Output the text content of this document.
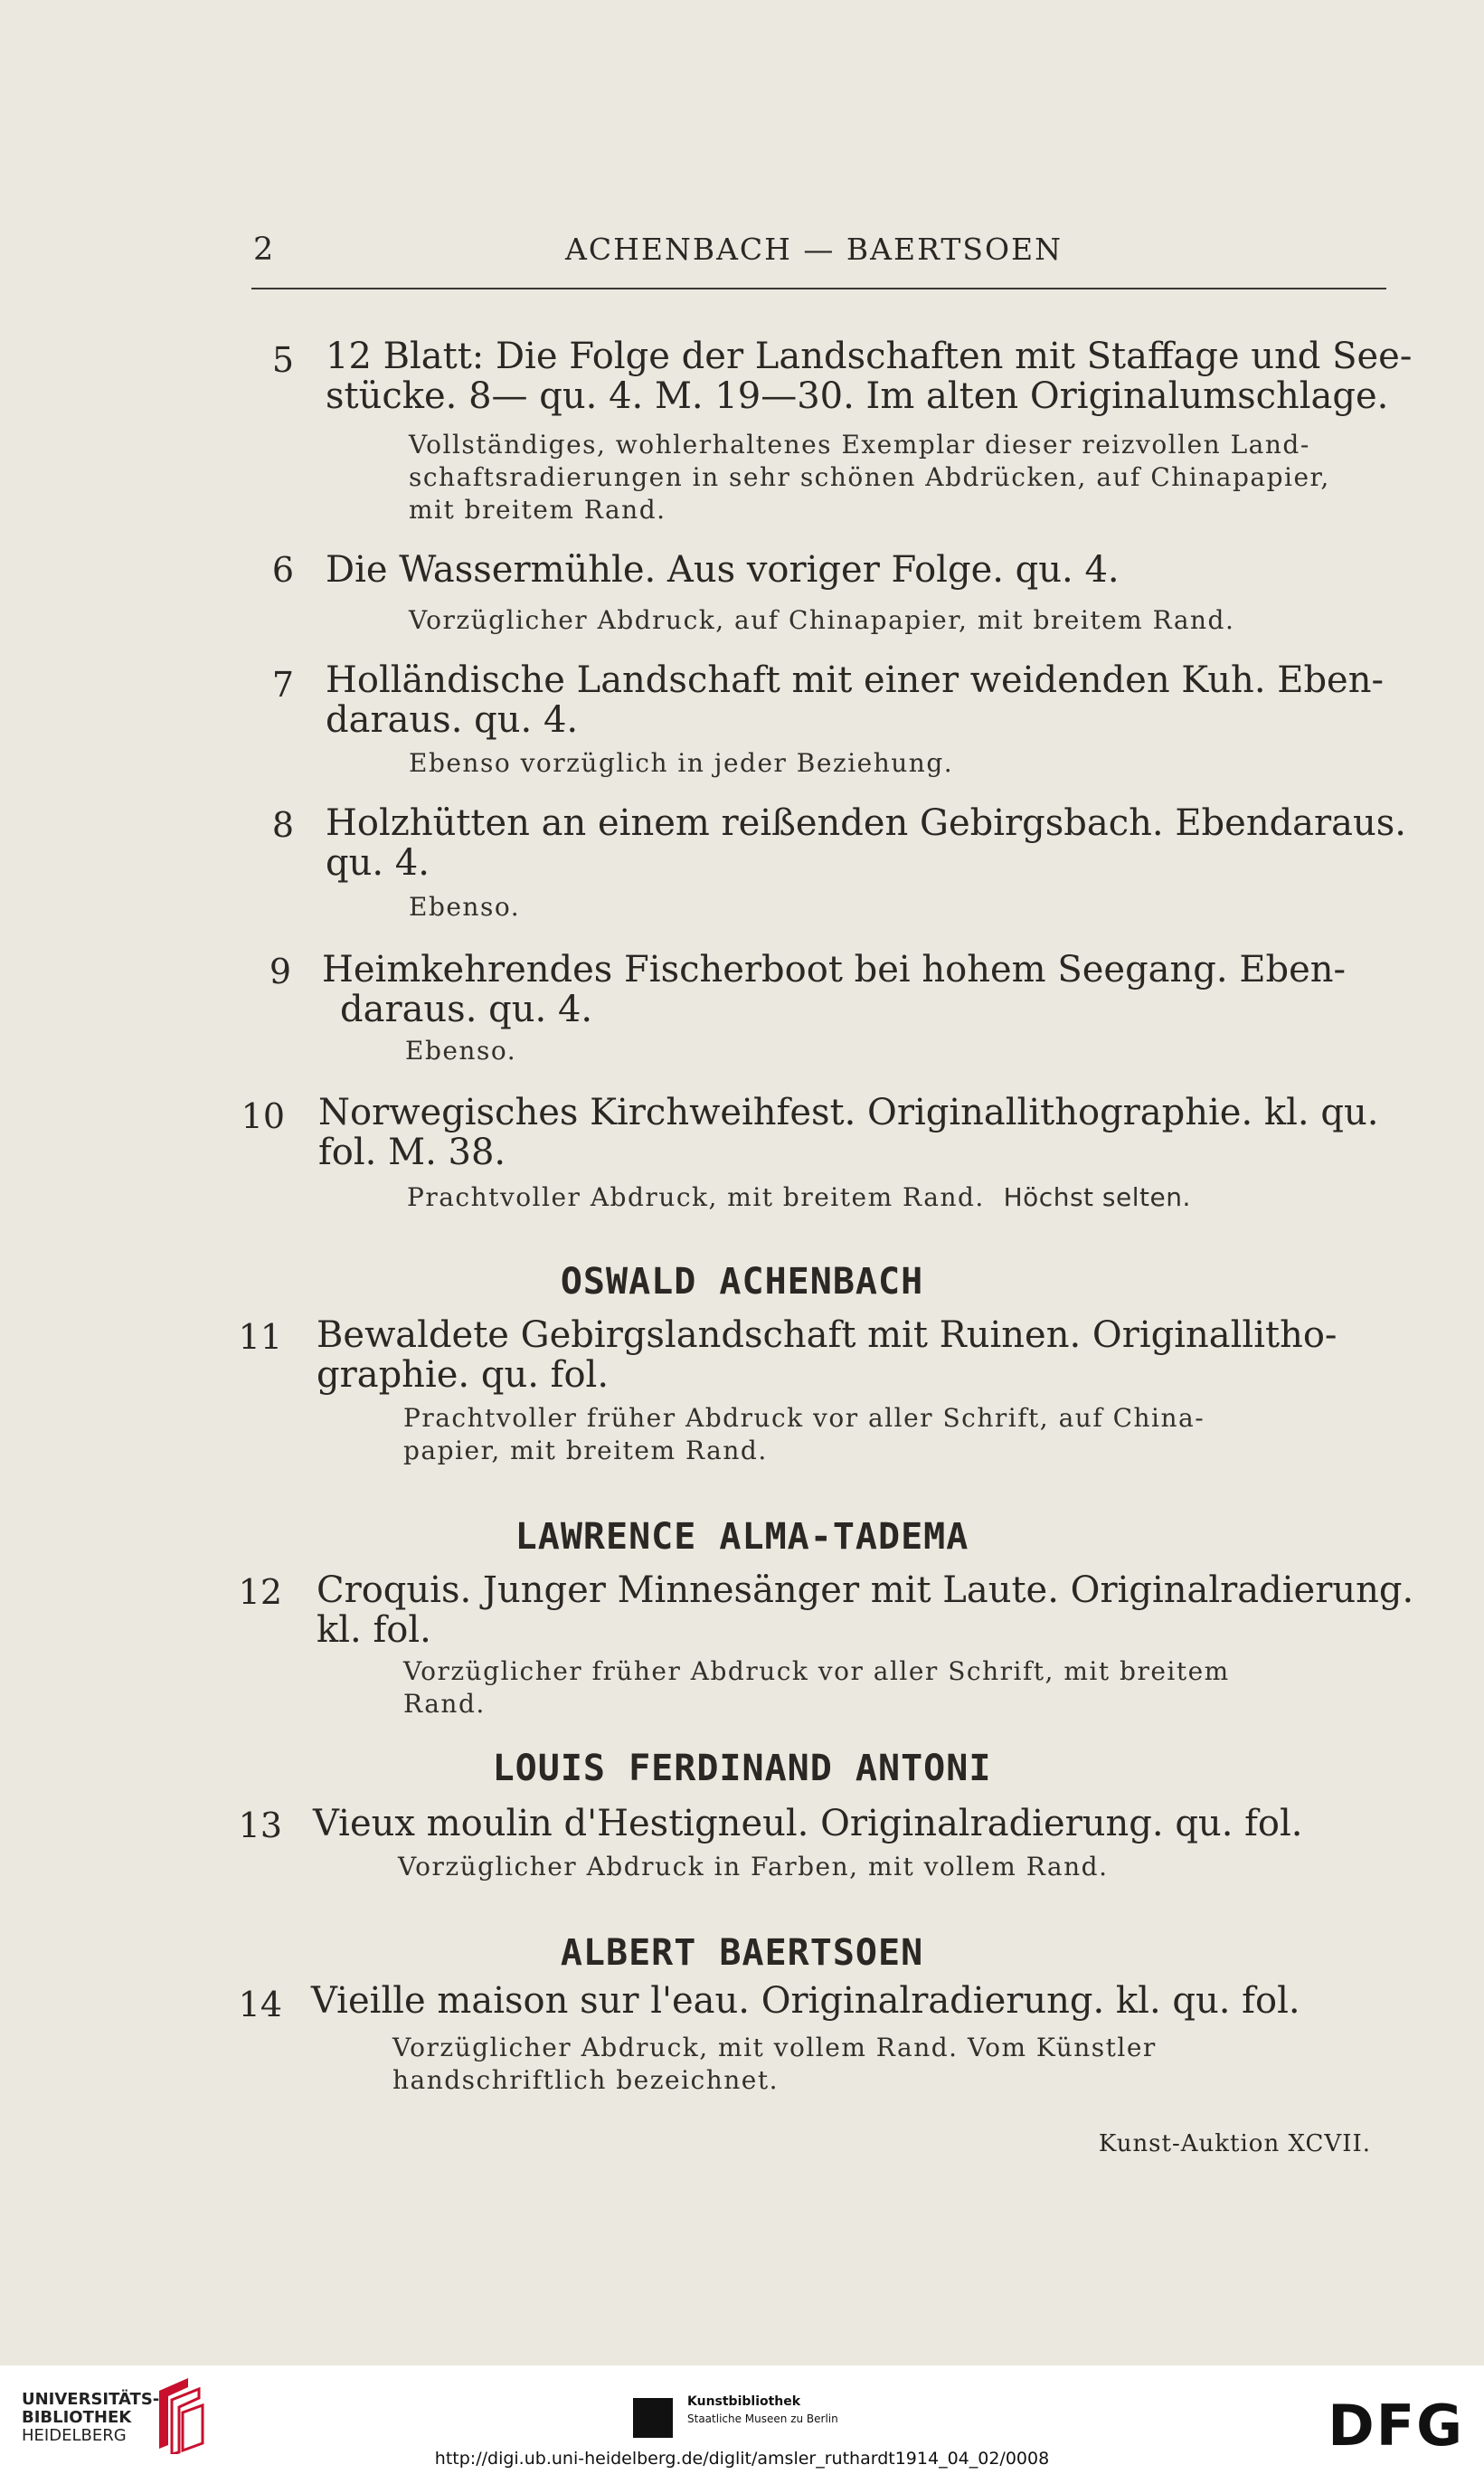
2	ACHENBACH — BAERTSOEN
5 12 Blatt: Die Folge der Landschaften mit Staffage und See-
stücke. 8— qu. 4. M. 19—30. Im alten Originalumschlage.
Vollständiges, wohlerhaltenes Exemplar dieser reizvollen Land-
schaftsradierungen in sehr schönen Abdrücken, auf Chinapapier,
mit breitem Rand.
6 Die Wassermühle. Aus voriger Folge. qu. 4.
Vorzüglicher Abdruck, auf Chinapapier, mit breitem Rand.
7 Holländische Landschaft mit einer weidenden Kuh. Eben-
daraus. qu. 4.
Ebenso vorzüglich in jeder Beziehung.
8 Holzhütten an einem reißenden Gebirgsbach. Ebendaraus.
qu. 4.
Ebenso.
9 Heimkehrendes Fischerboot bei hohem Seegang. Eben-
daraus. qu. 4.
Ebenso.
10 Norwegisches Kirchweihfest. Originallithographie. kl. qu.
fol. M. 38.
Prachtvoller Abdruck, mit breitem Rand. Höchst selten.
OSWALD ACHENBACH
11 Bewaldete Gebirgslandschaft mit Ruinen. Originallitho-
graphie. qu. fol.
Prachtvoller früher Abdruck vor aller Schrift, auf China-
papier, mit breitem Rand.
LAWRENCE ALMA-TADEMA
12 Croquis. Junger Minnesänger mit Laute. Originalradierung.
kl. fol.
Vorzüglicher früher Abdruck vor aller Schrift, mit breitem
Rand.
LOUIS FERDINAND ANTONI
13 Vieux moulin d'Hestigneul. Originalradierung. qu. fol.
Vorzüglicher Abdruck in Farben, mit vollem Rand.
ALBERT BAERTSOEN
14 Vieille maison sur l'eau. Originalradierung. kl. qu. fol.
Vorzüglicher Abdruck, mit vollem Rand. Vom Künstler
handschriftlich bezeichnet.
Kunst-Auktion XCVII.
UNIVERSITÄTS-
BIBLIOTHEK
HEIDELBERG
Kunstbibliothek
Staatliche Museen zu Berlin	DFG
http://digi.ub.uni-heidelberg.de/diglit/amsler_ruthardt1914_04_02/0008
